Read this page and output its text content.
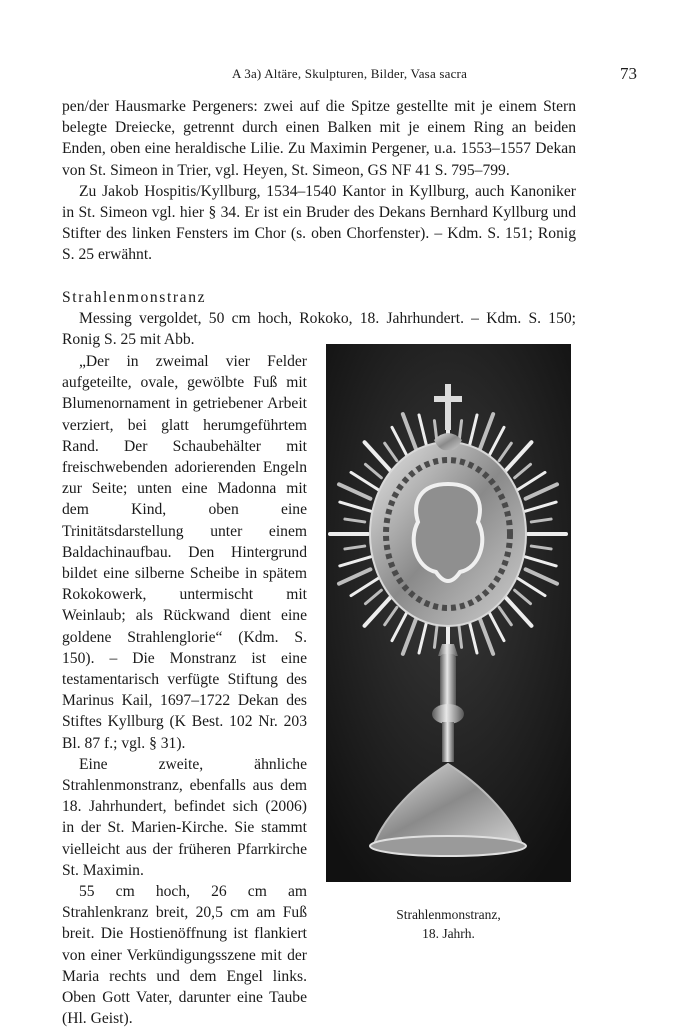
A 3a) Altäre, Skulpturen, Bilder, Vasa sacra	73

pen/der Hausmarke Pergeners: zwei auf die Spitze gestellte mit je einem Stern belegte Dreiecke, getrennt durch einen Balken mit je einem Ring an beiden Enden, oben eine heraldische Lilie. Zu Maximin Pergener, u.a. 1553–1557 Dekan von St. Simeon in Trier, vgl. Heyen, St. Simeon, GS NF 41 S. 795–799.

Zu Jakob Hospitis/Kyllburg, 1534–1540 Kantor in Kyllburg, auch Kanoniker in St. Simeon vgl. hier § 34. Er ist ein Bruder des Dekans Bernhard Kyllburg und Stifter des linken Fensters im Chor (s. oben Chorfenster). – Kdm. S. 151; Ronig S. 25 erwähnt.

Strahlenmonstranz

Messing vergoldet, 50 cm hoch, Rokoko, 18. Jahrhundert. – Kdm. S. 150; Ronig S. 25 mit Abb.

„Der in zweimal vier Felder aufgeteilte, ovale, gewölbte Fuß mit Blumenornament in getriebener Arbeit verziert, bei glatt herumgeführtem Rand. Der Schaubehälter mit freischwebenden adorierenden Engeln zur Seite; unten eine Madonna mit dem Kind, oben eine Trinitätsdarstellung unter einem Baldachinaufbau. Den Hintergrund bildet eine silberne Scheibe in spätem Rokokowerk, untermischt mit Weinlaub; als Rückwand dient eine goldene Strahlenglorie“ (Kdm. S. 150). – Die Monstranz ist eine testamentarisch verfügte Stiftung des Marinus Kail, 1697–1722 Dekan des Stiftes Kyllburg (K Best. 102 Nr. 203 Bl. 87 f.; vgl. § 31).

Eine zweite, ähnliche Strahlenmonstranz, ebenfalls aus dem 18. Jahrhundert, befindet sich (2006) in der St. Marien-Kirche. Sie stammt vielleicht aus der früheren Pfarrkirche St. Maximin.

55 cm hoch, 26 cm am Strahlenkranz breit, 20,5 cm am Fuß breit. Die Hostienöffnung ist flankiert von einer Verkündigungsszene mit der Maria rechts und dem Engel links. Oben Gott Vater, darunter eine Taube (Hl. Geist).

Strahlenmonstranz,
18. Jahrh.
